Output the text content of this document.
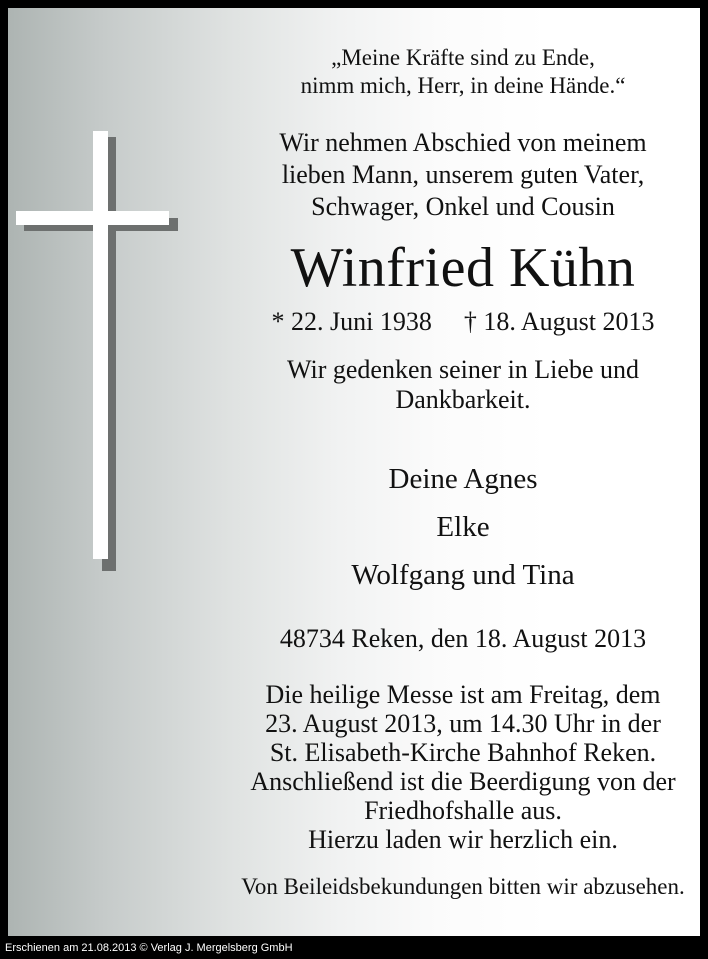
„Meine Kräfte sind zu Ende,
nimm mich, Herr, in deine Hände.“

Wir nehmen Abschied von meinem
lieben Mann, unserem guten Vater,
Schwager, Onkel und Cousin

Winfried Kühn

* 22. Juni 1938 † 18. August 2013

Wir gedenken seiner in Liebe und
Dankbarkeit.

Deine Agnes
Elke
Wolfgang und Tina

48734 Reken, den 18. August 2013

Die heilige Messe ist am Freitag, dem
23. August 2013, um 14.30 Uhr in der
St. Elisabeth-Kirche Bahnhof Reken.
Anschließend ist die Beerdigung von der
Friedhofshalle aus.
Hierzu laden wir herzlich ein.

Von Beileidsbekundungen bitten wir abzusehen.

Erschienen am 21.08.2013 © Verlag J. Mergelsberg GmbH
